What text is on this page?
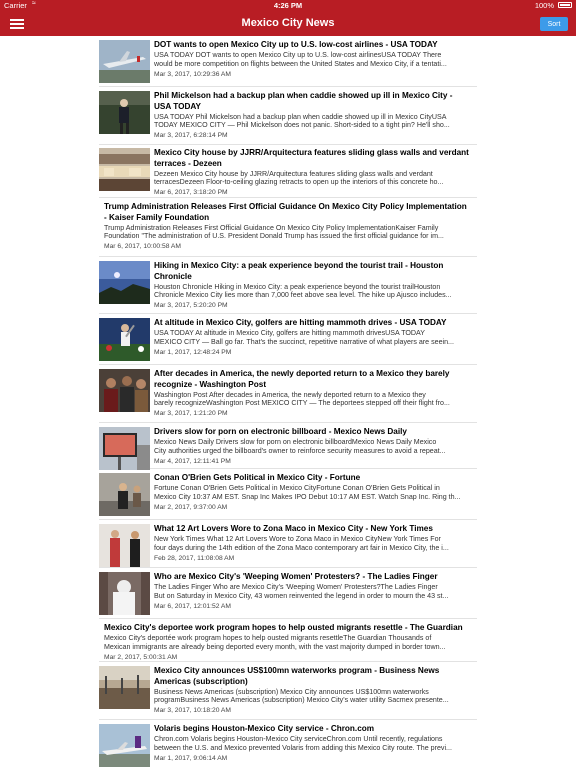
Carrier ≈	4:26 PM	100%
Mexico City News	Sort
DOT wants to open Mexico City up to U.S. low-cost airlines - USA TODAY
USA TODAY DOT wants to open Mexico City up to U.S. low-cost airlinesUSA TODAY There
would be more competition on flights between the United States and Mexico City, if a tentati...
Mar 3, 2017, 10:29:36 AM
Phil Mickelson had a backup plan when caddie showed up ill in Mexico City -
USA TODAY
USA TODAY Phil Mickelson had a backup plan when caddie showed up ill in Mexico CityUSA
TODAY MEXICO CITY — Phil Mickelson does not panic. Short-sided to a tight pin? He'll sho...
Mar 3, 2017, 6:28:14 PM
Mexico City house by JJRR/Arquitectura features sliding glass walls and verdant
terraces - Dezeen
Dezeen Mexico City house by JJRR/Arquitectura features sliding glass walls and verdant
terracesDezeen Floor-to-ceiling glazing retracts to open up the interiors of this concrete ho...
Mar 6, 2017, 3:18:20 PM
Trump Administration Releases First Official Guidance On Mexico City Policy Implementation
- Kaiser Family Foundation
Trump Administration Releases First Official Guidance On Mexico City Policy ImplementationKaiser Family
Foundation "The administration of U.S. President Donald Trump has issued the first official guidance for im...
Mar 6, 2017, 10:00:58 AM
Hiking in Mexico City: a peak experience beyond the tourist trail - Houston
Chronicle
Houston Chronicle Hiking in Mexico City: a peak experience beyond the tourist trailHouston
Chronicle Mexico City lies more than 7,000 feet above sea level. The hike up Ajusco includes...
Mar 3, 2017, 5:20:20 PM
At altitude in Mexico City, golfers are hitting mammoth drives - USA TODAY
USA TODAY At altitude in Mexico City, golfers are hitting mammoth drivesUSA TODAY
MEXICO CITY — Ball go far. That's the succinct, repetitive narrative of what players are seein...
Mar 1, 2017, 12:48:24 PM
After decades in America, the newly deported return to a Mexico they barely
recognize - Washington Post
Washington Post After decades in America, the newly deported return to a Mexico they
barely recognizeWashington Post MEXICO CITY — The deportees stepped off their flight fro...
Mar 3, 2017, 1:21:20 PM
Drivers slow for porn on electronic billboard - Mexico News Daily
Mexico News Daily Drivers slow for porn on electronic billboardMexico News Daily Mexico
City authorities urged the billboard's owner to reinforce security measures to avoid a repeat...
Mar 4, 2017, 12:11:41 PM
Conan O'Brien Gets Political in Mexico City - Fortune
Fortune Conan O'Brien Gets Political in Mexico CityFortune Conan O'Brien Gets Political in
Mexico City 10:37 AM EST. Snap Inc Makes IPO Debut 10:17 AM EST. Watch Snap Inc. Ring th...
Mar 2, 2017, 9:37:00 AM
What 12 Art Lovers Wore to Zona Maco in Mexico City - New York Times
New York Times What 12 Art Lovers Wore to Zona Maco in Mexico CityNew York Times For
four days during the 14th edition of the Zona Maco contemporary art fair in Mexico City, the i...
Feb 28, 2017, 11:08:08 AM
Who are Mexico City's 'Weeping Women' Protesters? - The Ladies Finger
The Ladies Finger Who are Mexico City's 'Weeping Women' Protesters?The Ladies Finger
But on Saturday in Mexico City, 43 women reinvented the legend in order to mourn the 43 st...
Mar 6, 2017, 12:01:52 AM
Mexico City's deportee work program hopes to help ousted migrants resettle - The Guardian
Mexico City's deportée work program hopes to help ousted migrants resettleThe Guardian Thousands of
Mexican immigrants are already being deported every month, with the vast majority dumped in border town...
Mar 2, 2017, 5:00:31 AM
Mexico City announces US$100mn waterworks program - Business News
Americas (subscription)
Business News Americas (subscription) Mexico City announces US$100mn waterworks
programBusiness News Americas (subscription) Mexico City's water utility Sacmex presente...
Mar 3, 2017, 10:18:20 AM
Volaris begins Houston-Mexico City service - Chron.com
Chron.com Volaris begins Houston-Mexico City serviceChron.com Until recently, regulations
between the U.S. and Mexico prevented Volaris from adding this Mexico City route. The previ...
Mar 1, 2017, 9:06:14 AM
